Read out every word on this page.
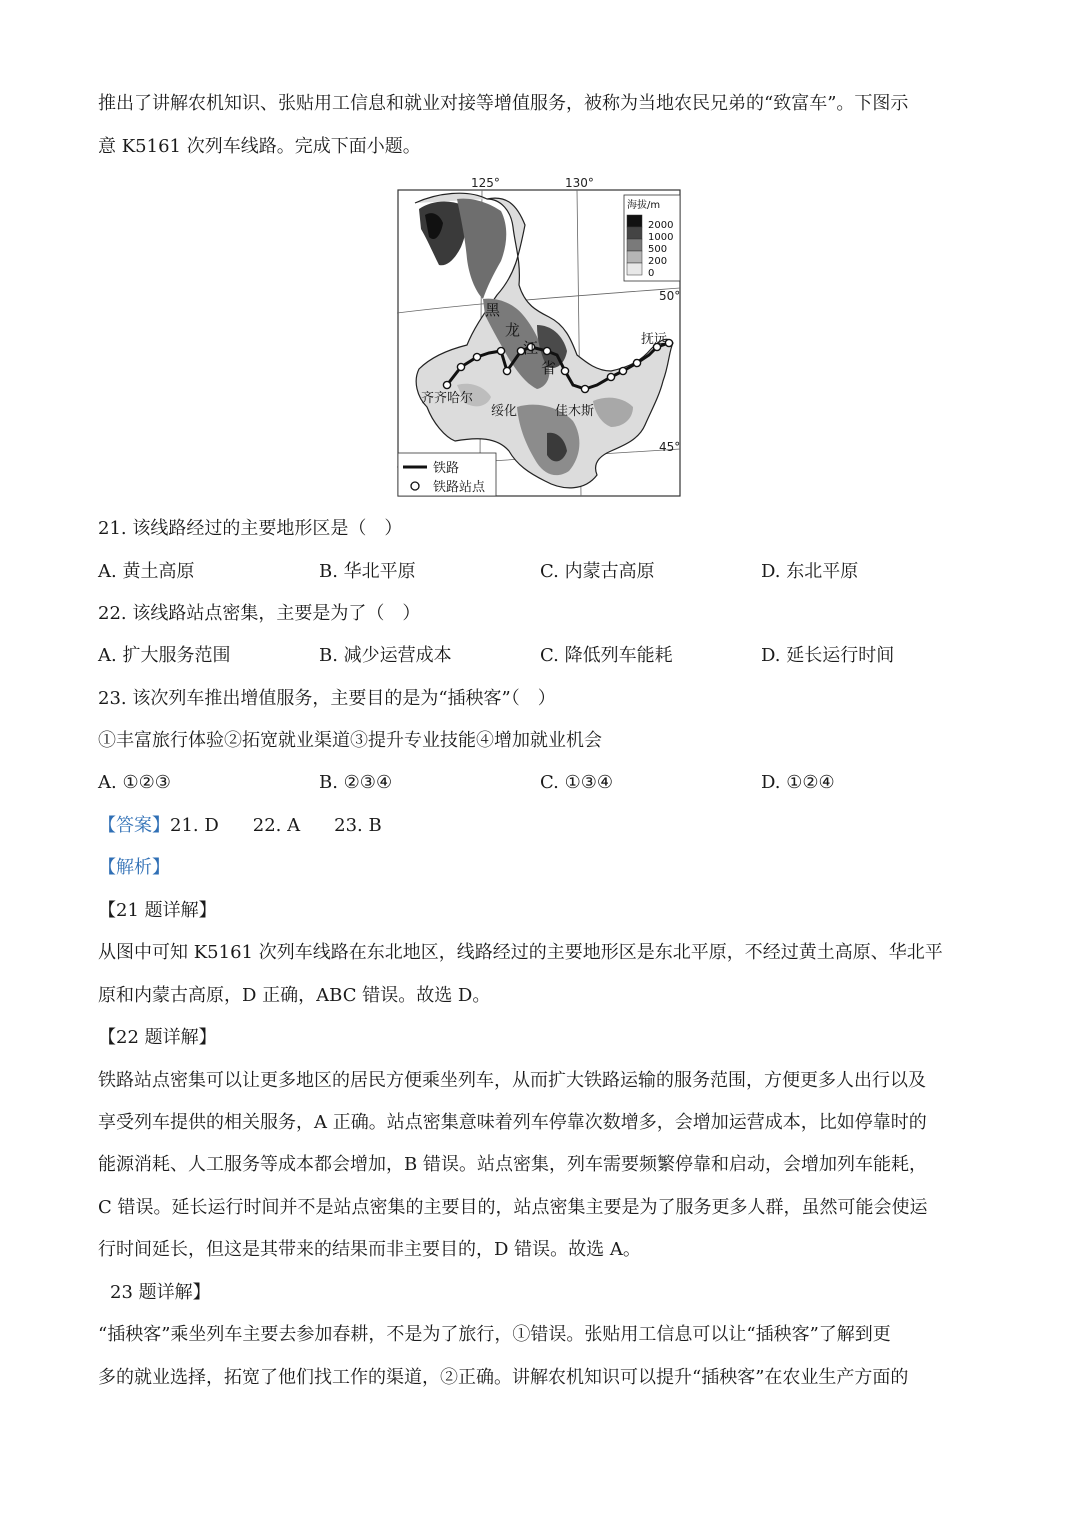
推出了讲解农机知识、张贴用工信息和就业对接等增值服务，被称为当地农民兄弟的“致富车”。下图示
意 K5161 次列车线路。完成下面小题。
125°	130°
50°
45°
黑
龙
江
省
齐齐哈尔
绥化	佳木斯
抚远
海拔/m
2000
1000
500
200
0
铁路
铁路站点
21. 该线路经过的主要地形区是（　）
A. 黄土高原	B. 华北平原	C. 内蒙古高原	D. 东北平原
22. 该线路站点密集，主要是为了（　）
A. 扩大服务范围	B. 减少运营成本	C. 降低列车能耗	D. 延长运行时间
23. 该次列车推出增值服务，主要目的是为“插秧客”（　）
①丰富旅行体验②拓宽就业渠道③提升专业技能④增加就业机会
A. ①②③	B. ②③④	C. ①③④	D. ①②④
【答案】21. D 22. A 23. B
【解析】
【21 题详解】
从图中可知 K5161 次列车线路在东北地区，线路经过的主要地形区是东北平原，不经过黄土高原、华北平
原和内蒙古高原，D 正确，ABC 错误。故选 D。
【22 题详解】
铁路站点密集可以让更多地区的居民方便乘坐列车，从而扩大铁路运输的服务范围，方便更多人出行以及
享受列车提供的相关服务，A 正确。站点密集意味着列车停靠次数增多，会增加运营成本，比如停靠时的
能源消耗、人工服务等成本都会增加，B 错误。站点密集，列车需要频繁停靠和启动，会增加列车能耗，
C 错误。延长运行时间并不是站点密集的主要目的，站点密集主要是为了服务更多人群，虽然可能会使运
行时间延长，但这是其带来的结果而非主要目的，D 错误。故选 A。
23 题详解】
“插秧客”乘坐列车主要去参加春耕，不是为了旅行，①错误。张贴用工信息可以让“插秧客”了解到更
多的就业选择，拓宽了他们找工作的渠道，②正确。讲解农机知识可以提升“插秧客”在农业生产方面的
